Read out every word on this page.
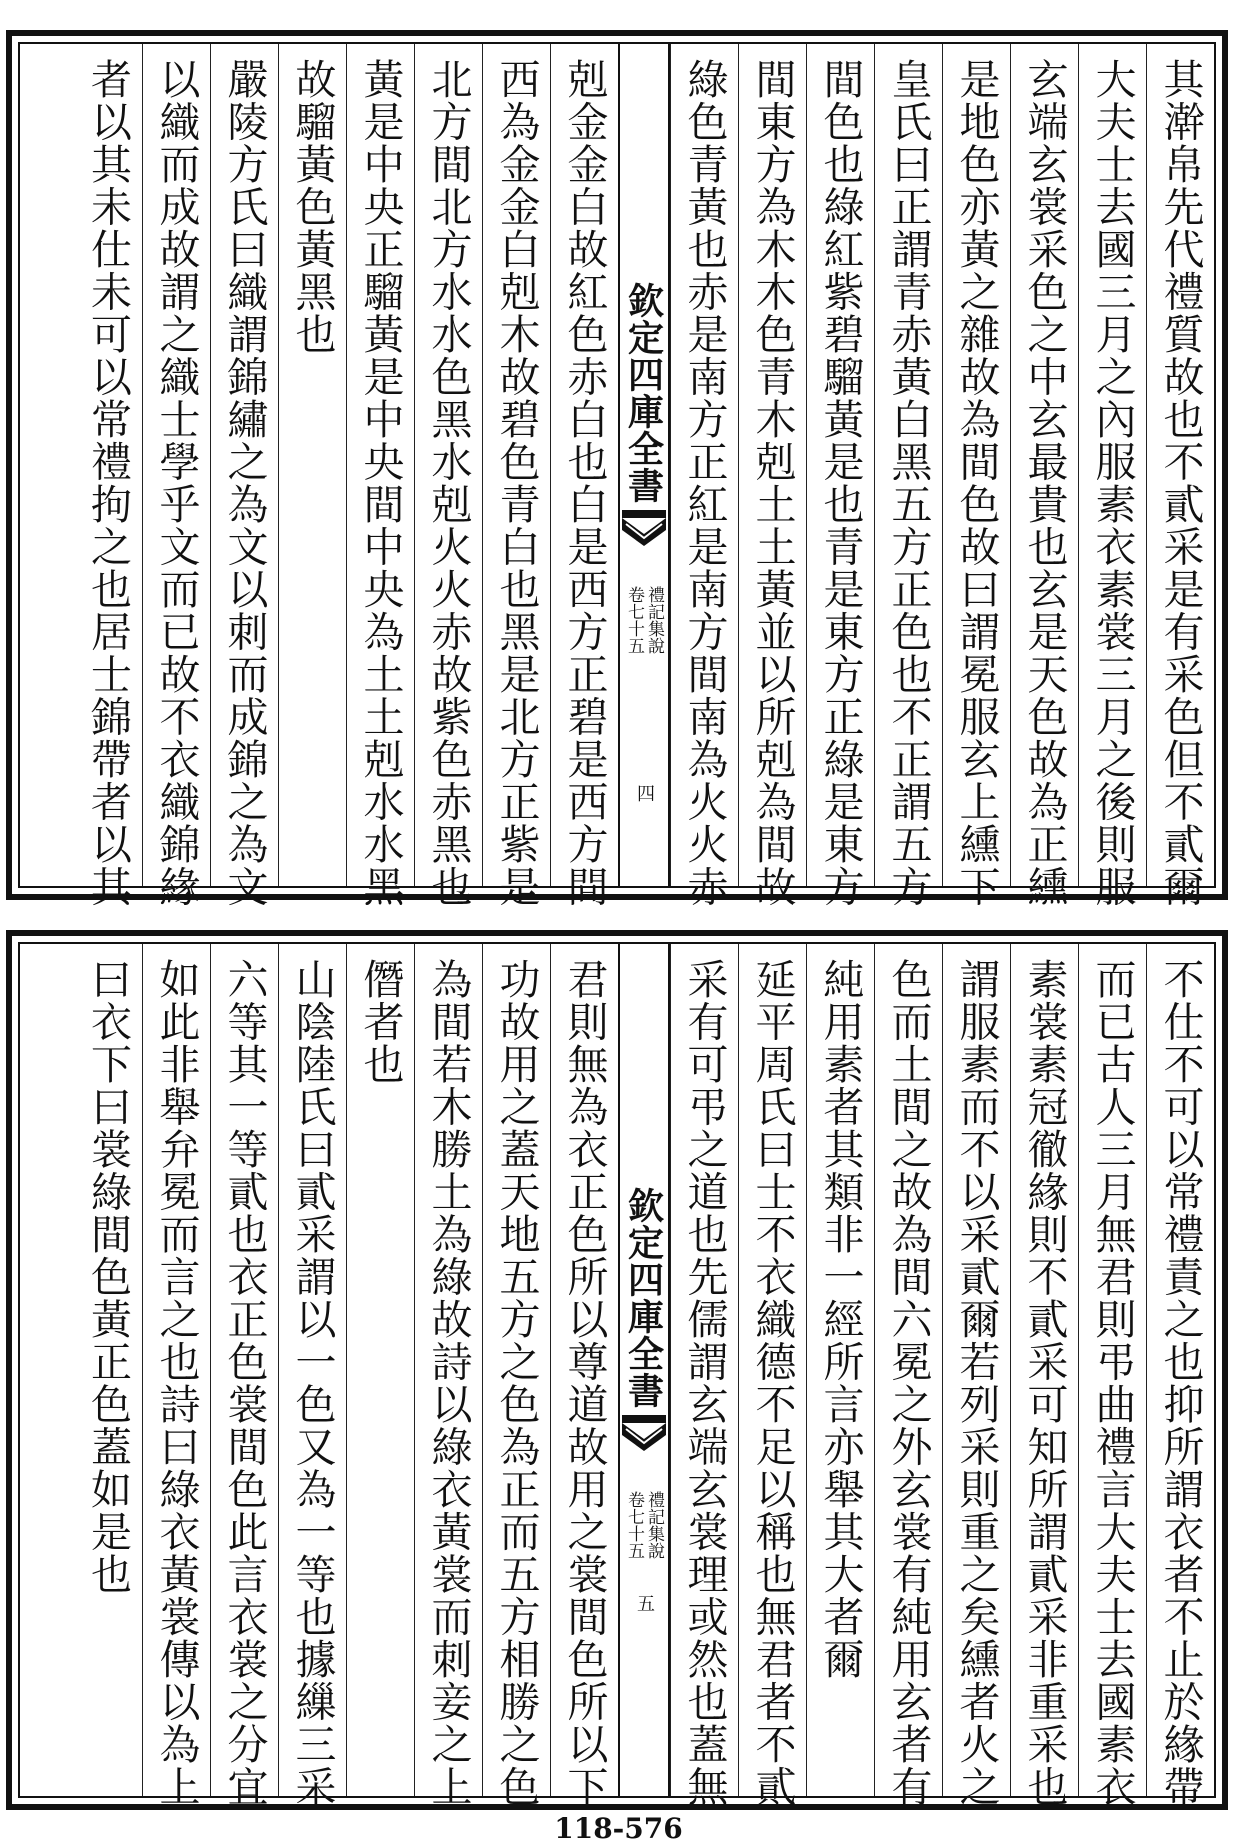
其澣帛先代禮質故也不貳采是有采色但不貳爾
大夫士去國三月之內服素衣素裳三月之後則服
玄端玄裳采色之中玄最貴也玄是天色故為正纁
是地色亦黃之雜故為間色故曰謂冕服玄上纁下
皇氏曰正謂青赤黃白黑五方正色也不正謂五方
間色也綠紅紫碧騮黃是也青是東方正綠是東方
間東方為木木色青木剋土土黃並以所剋為間故
綠色青黃也赤是南方正紅是南方間南為火火赤
欽定四庫全書
禮記集說
卷七十五
四
剋金金白故紅色赤白也白是西方正碧是西方間
西為金金白剋木故碧色青白也黑是北方正紫是
北方間北方水水色黑水剋火火赤故紫色赤黑也
黃是中央正騮黃是中央間中央為土土剋水水黑
故騮黃色黃黑也
嚴陵方氏曰織謂錦繡之為文以刺而成錦之為文
以織而成故謂之織士學乎文而已故不衣織錦緣
者以其未仕未可以常禮拘之也居士錦帶者以其
不仕不可以常禮責之也抑所謂衣者不止於緣帶
而已古人三月無君則弔曲禮言大夫士去國素衣
素裳素冠徹緣則不貳采可知所謂貳采非重采也
謂服素而不以采貳爾若列采則重之矣纁者火之
色而土間之故為間六冕之外玄裳有純用玄者有
純用素者其類非一經所言亦舉其大者爾
延平周氏曰士不衣織德不足以稱也無君者不貳
采有可弔之道也先儒謂玄端玄裳理或然也蓋無
欽定四庫全書
禮記集說
卷七十五
五
君則無為衣正色所以尊道故用之裳間色所以下
功故用之蓋天地五方之色為正而五方相勝之色
為間若木勝土為綠故詩以綠衣黃裳而刺妾之上
僭者也
山陰陸氏曰貳采謂以一色又為一等也據繅三采
六等其一等貳也衣正色裳間色此言衣裳之分宜
如此非舉弁冕而言之也詩曰綠衣黃裳傳以為上
曰衣下曰裳綠間色黃正色蓋如是也
118-576
